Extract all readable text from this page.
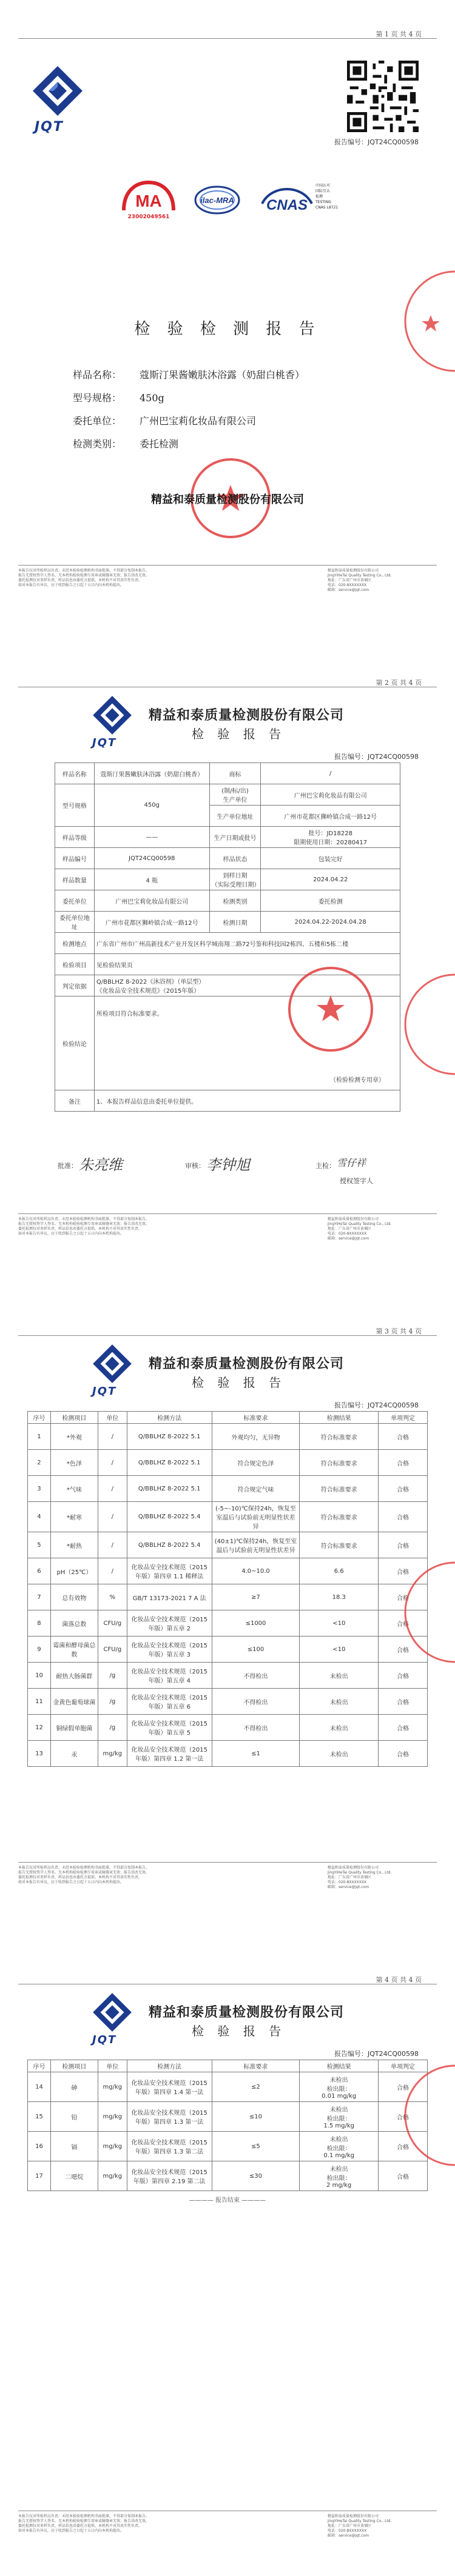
第 1 页 共 4 页
JQT
报告编号：JQT24CQ00598
MA
23002049561
ilac-MRA CNAS
中国认可
国际互认
检测
TESTING
CNAS L8721
检 验 检 测 报 告
样品名称：	蔻斯汀果酱嫩肤沐浴露（奶甜白桃香）
型号规格：	450g
委托单位：	广州巴宝莉化妆品有限公司
检测类别：	委托检测
精益和泰质量检测股份有限公司
本报告仅对所检样品负责，未经本检验检测机构书面批准，不得部分复制本报告。
报告无授权签字人签名、无本机构检验检测专用章或骑缝章无效；报告涂改无效。
委托检测仅对来样负责，样品信息由委托方提供，本机构不对其真实性负责。
如对本报告有异议，应于收到报告之日起十五日内向本机构提出。
精益和泰质量检测股份有限公司
JingYiHeTai Quality Testing Co., Ltd.
地址：广东省广州市黄埔区
电话：020-8XXXXXXX
邮箱：service@jqt.com
第 2 页 共 4 页
JQT
精益和泰质量检测股份有限公司
检 验 报 告
报告编号：JQT24CQ00598
样品名称	蔻斯汀果酱嫩肤沐浴露（奶甜白桃香）	商标	/
型号规格	450g	(制/标/出)
生产单位	广州巴宝莉化妆品有限公司
		生产单位地址	广州市花都区狮岭镇合成一路12号
样品等级	——	生产日期或批号	批号：JD18228
限期使用日期：20280417

样品编号	JQT24CQ00598	样品状态	包装完好
样品数量	4 瓶	到样日期
（实际受理日期）	2024.04.22
委托单位	广州巴宝莉化妆品有限公司	检测类别	委托检测
委托单位地址	广州市花都区狮岭镇合成一路12号	检测日期	2024.04.22-2024.04.28
检测地点	广东省广州市广州高新技术产业开发区科学城南翔二路72号鉴和科技园2栋四、五楼和5栋二楼		
检验项目	见检验结果页		
判定依据	Q/BBLHZ 8-2022《沐浴剂》（单层型）
《化妆品安全技术规范》（2015年版）		

检验结论	所检项目符合标准要求。
（检验检测专用章）		

备注	1、本报告样品信息由委托单位提供。		
批准： 朱亮维	审核： 李钟旭	主检： 雪仔祥
授权签字人
本报告仅对所检样品负责，未经本检验检测机构书面批准，不得部分复制本报告。
报告无授权签字人签名、无本机构检验检测专用章或骑缝章无效；报告涂改无效。
委托检测仅对来样负责，样品信息由委托方提供，本机构不对其真实性负责。
如对本报告有异议，应于收到报告之日起十五日内向本机构提出。
精益和泰质量检测股份有限公司
JingYiHeTai Quality Testing Co., Ltd.
地址：广东省广州市黄埔区
电话：020-8XXXXXXX
邮箱：service@jqt.com
第 3 页 共 4 页
JQT
精益和泰质量检测股份有限公司
检 验 报 告
报告编号：JQT24CQ00598
序号	检测项目	单位	检测方法	标准要求	检测结果	单项判定
1	*外观	/	Q/BBLHZ 8-2022 5.1	外观均匀，无异物	符合标准要求	合格
2	*色泽	/	Q/BBLHZ 8-2022 5.1	符合规定色泽	符合标准要求	合格
3	*气味	/	Q/BBLHZ 8-2022 5.1	符合规定气味	符合标准要求	合格
4	*耐寒	/	Q/BBLHZ 8-2022 5.4	(-5~-10)℃保持24h，恢复至室温后与试验前无明显性状差异	符合标准要求	合格
5	*耐热	/	Q/BBLHZ 8-2022 5.4	(40±1)℃保持24h，恢复至室温后与试验前无明显性状差异	符合标准要求	合格
6	pH（25℃）	/	化妆品安全技术规范（2015年版）第四章 1.1 稀释法	4.0~10.0	6.6	合格
7	总有效物	%	GB/T 13173-2021 7 A 法	≥7	18.3	合格
8	菌落总数	CFU/g	化妆品安全技术规范（2015年版）第五章 2	≤1000	<10	合格
9	霉菌和酵母菌总数	CFU/g	化妆品安全技术规范（2015年版）第五章 3	≤100	<10	合格
10	耐热大肠菌群	/g	化妆品安全技术规范（2015年版）第五章 4	不得检出	未检出	合格
11	金黄色葡萄球菌	/g	化妆品安全技术规范（2015年版）第五章 6	不得检出	未检出	合格
12	铜绿假单胞菌	/g	化妆品安全技术规范（2015年版）第五章 5	不得检出	未检出	合格
13	汞	mg/kg	化妆品安全技术规范（2015年版）第四章 1.2 第一法	≤1	未检出	合格
本报告仅对所检样品负责，未经本检验检测机构书面批准，不得部分复制本报告。
报告无授权签字人签名、无本机构检验检测专用章或骑缝章无效；报告涂改无效。
委托检测仅对来样负责，样品信息由委托方提供，本机构不对其真实性负责。
如对本报告有异议，应于收到报告之日起十五日内向本机构提出。
精益和泰质量检测股份有限公司
JingYiHeTai Quality Testing Co., Ltd.
地址：广东省广州市黄埔区
电话：020-8XXXXXXX
邮箱：service@jqt.com
第 4 页 共 4 页
JQT
精益和泰质量检测股份有限公司
检 验 报 告
报告编号：JQT24CQ00598
序号	检测项目	单位	检测方法	标准要求	检测结果	单项判定
14	砷	mg/kg	化妆品安全技术规范（2015年版）第四章 1.4 第一法	≤2	未检出
检出限：
0.01 mg/kg	合格
15	铅	mg/kg	化妆品安全技术规范（2015年版）第四章 1.3 第一法	≤10	未检出
检出限：
1.5 mg/kg	合格
16	镉	mg/kg	化妆品安全技术规范（2015年版）第四章 1.3 第二法	≤5	未检出
检出限：
0.1 mg/kg	合格
17	二噁烷	mg/kg	化妆品安全技术规范（2015年版）第四章 2.19 第二法	≤30	未检出
检出限：
2 mg/kg	合格
———— 报告结束 ————
本报告仅对所检样品负责，未经本检验检测机构书面批准，不得部分复制本报告。
报告无授权签字人签名、无本机构检验检测专用章或骑缝章无效；报告涂改无效。
委托检测仅对来样负责，样品信息由委托方提供，本机构不对其真实性负责。
如对本报告有异议，应于收到报告之日起十五日内向本机构提出。
精益和泰质量检测股份有限公司
JingYiHeTai Quality Testing Co., Ltd.
地址：广东省广州市黄埔区
电话：020-8XXXXXXX
邮箱：service@jqt.com
